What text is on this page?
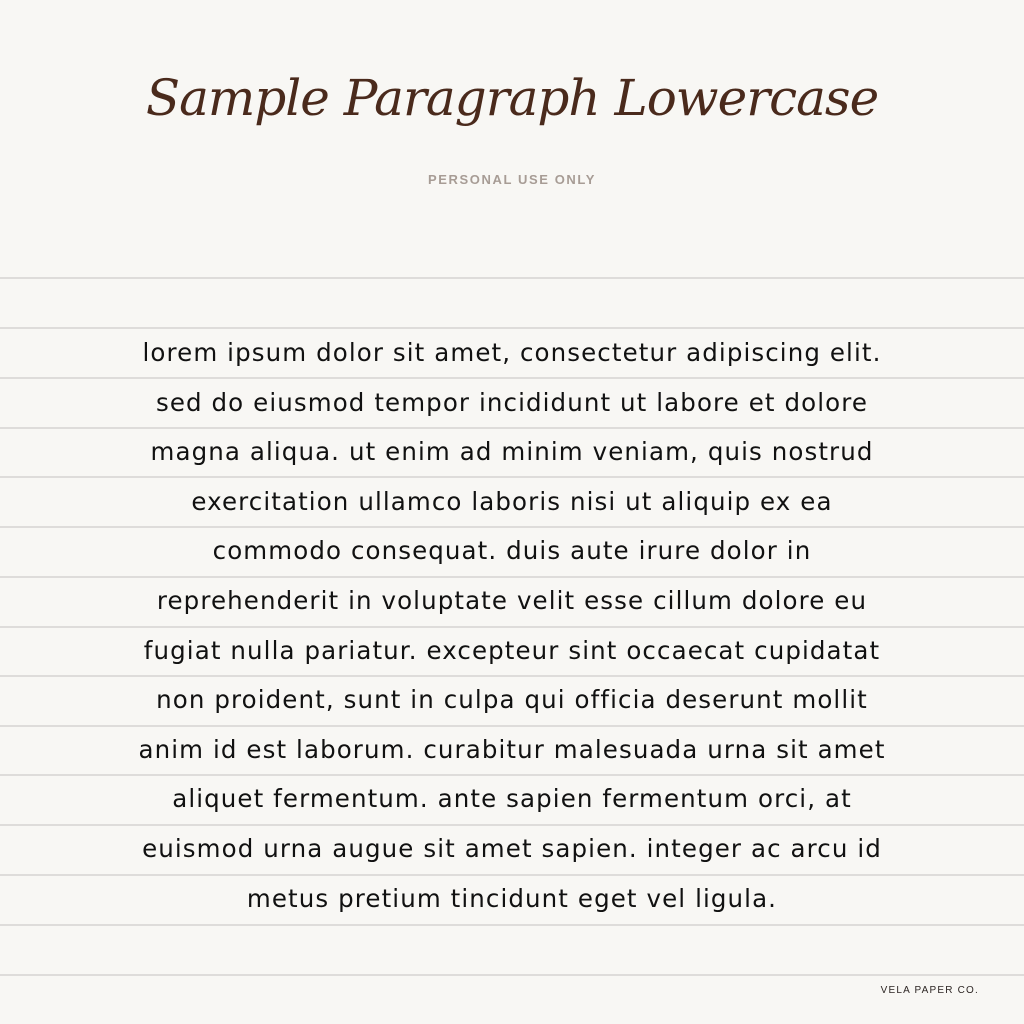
Sample Paragraph Lowercase
PERSONAL USE ONLY
lorem ipsum dolor sit amet, consectetur adipiscing elit.
sed do eiusmod tempor incididunt ut labore et dolore
magna aliqua. ut enim ad minim veniam, quis nostrud
exercitation ullamco laboris nisi ut aliquip ex ea
commodo consequat. duis aute irure dolor in
reprehenderit in voluptate velit esse cillum dolore eu
fugiat nulla pariatur. excepteur sint occaecat cupidatat
non proident, sunt in culpa qui officia deserunt mollit
anim id est laborum. curabitur malesuada urna sit amet
aliquet fermentum. ante sapien fermentum orci, at
euismod urna augue sit amet sapien. integer ac arcu id
metus pretium tincidunt eget vel ligula.
VELA PAPER CO.
